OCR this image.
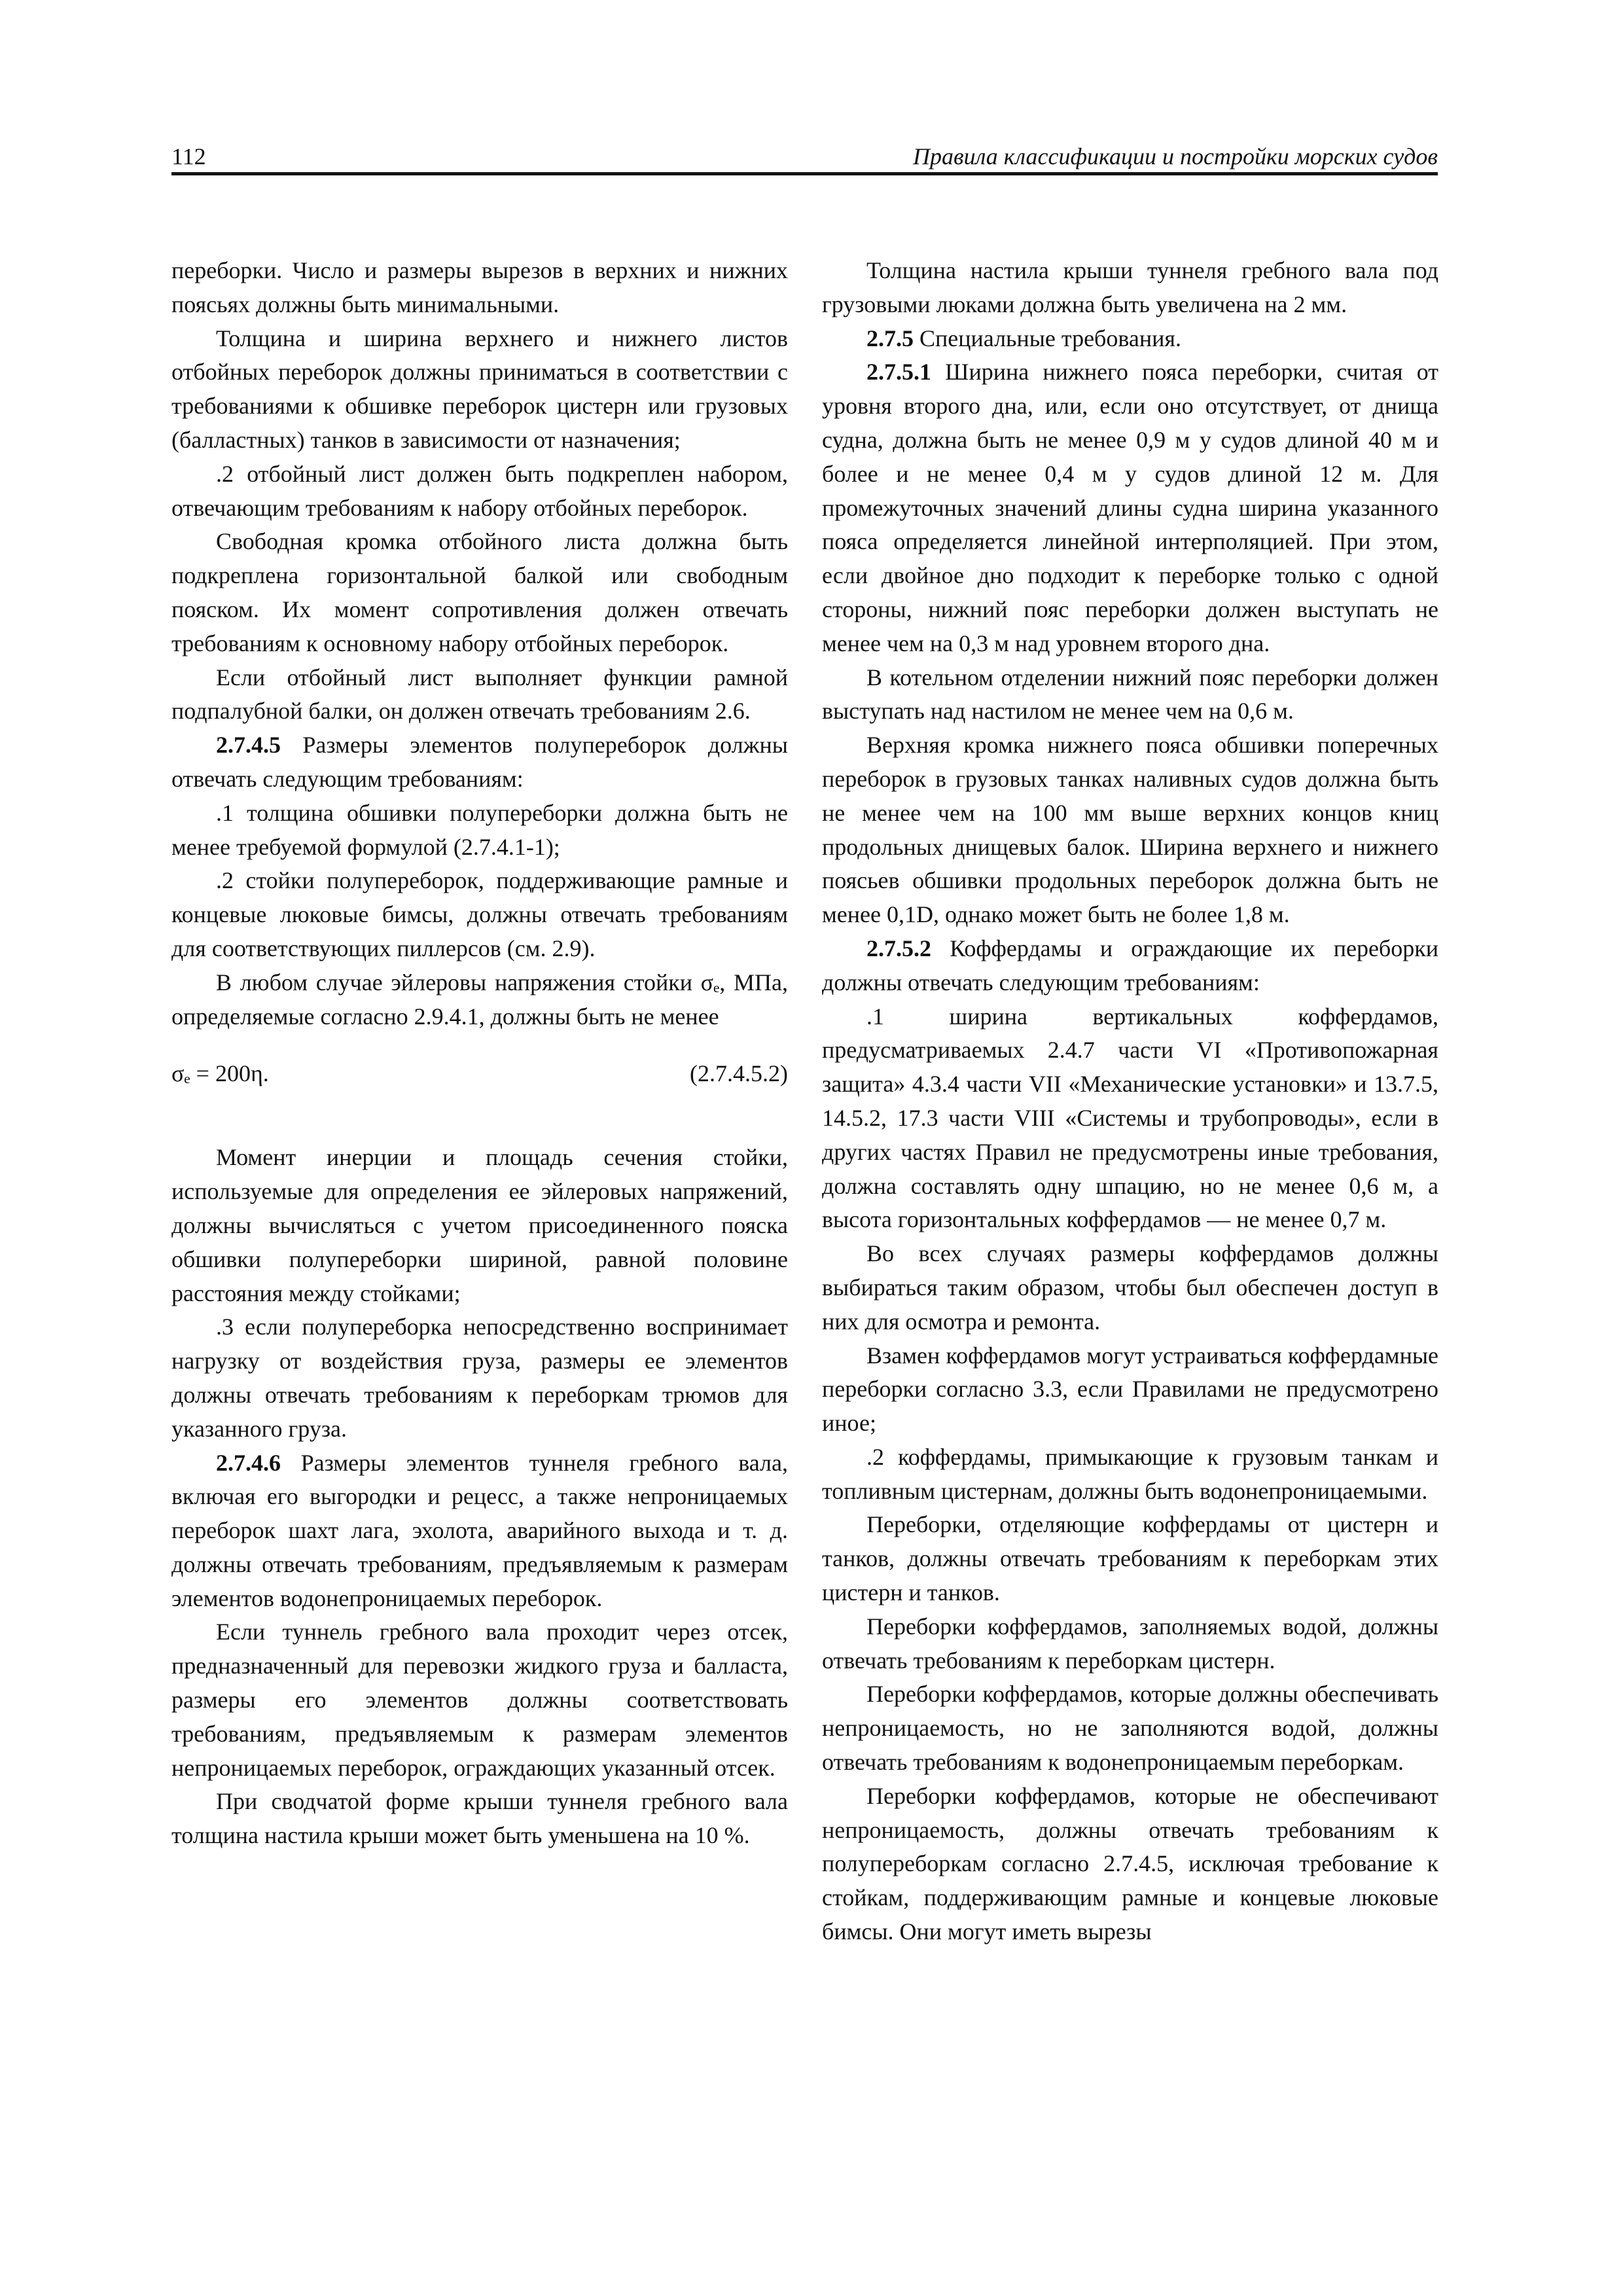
112	Правила классификации и постройки морских судов

переборки. Число и размеры вырезов в верхних и нижних поясьях должны быть минимальными.

Толщина и ширина верхнего и нижнего листов отбойных переборок должны приниматься в соответствии с требованиями к обшивке переборок цистерн или грузовых (балластных) танков в зависимости от назначения;

.2 отбойный лист должен быть подкреплен набором, отвечающим требованиям к набору отбойных переборок.

Свободная кромка отбойного листа должна быть подкреплена горизонтальной балкой или свободным пояском. Их момент сопротивления должен отвечать требованиям к основному набору отбойных переборок.

Если отбойный лист выполняет функции рамной подпалубной балки, он должен отвечать требованиям 2.6.

2.7.4.5 Размеры элементов полупереборок должны отвечать следующим требованиям:

.1 толщина обшивки полупереборки должна быть не менее требуемой формулой (2.7.4.1-1);

.2 стойки полупереборок, поддерживающие рамные и концевые люковые бимсы, должны отвечать требованиям для соответствующих пиллерсов (см. 2.9).

В любом случае эйлеровы напряжения стойки σₑ, МПа, определяемые согласно 2.9.4.1, должны быть не менее

σₑ = 200η.	(2.7.4.5.2)

Момент инерции и площадь сечения стойки, используемые для определения ее эйлеровых напряжений, должны вычисляться с учетом присоединенного пояска обшивки полупереборки шириной, равной половине расстояния между стойками;

.3 если полупереборка непосредственно воспринимает нагрузку от воздействия груза, размеры ее элементов должны отвечать требованиям к переборкам трюмов для указанного груза.

2.7.4.6 Размеры элементов туннеля гребного вала, включая его выгородки и рецесс, а также непроницаемых переборок шахт лага, эхолота, аварийного выхода и т. д. должны отвечать требованиям, предъявляемым к размерам элементов водонепроницаемых переборок.

Если туннель гребного вала проходит через отсек, предназначенный для перевозки жидкого груза и балласта, размеры его элементов должны соответствовать требованиям, предъявляемым к размерам элементов непроницаемых переборок, ограждающих указанный отсек.

При сводчатой форме крыши туннеля гребного вала толщина настила крыши может быть уменьшена на 10 %.

Толщина настила крыши туннеля гребного вала под грузовыми люками должна быть увеличена на 2 мм.

2.7.5 Специальные требования.

2.7.5.1 Ширина нижнего пояса переборки, считая от уровня второго дна, или, если оно отсутствует, от днища судна, должна быть не менее 0,9 м у судов длиной 40 м и более и не менее 0,4 м у судов длиной 12 м. Для промежуточных значений длины судна ширина указанного пояса определяется линейной интерполяцией. При этом, если двойное дно подходит к переборке только с одной стороны, нижний пояс переборки должен выступать не менее чем на 0,3 м над уровнем второго дна.

В котельном отделении нижний пояс переборки должен выступать над настилом не менее чем на 0,6 м.

Верхняя кромка нижнего пояса обшивки поперечных переборок в грузовых танках наливных судов должна быть не менее чем на 100 мм выше верхних концов книц продольных днищевых балок. Ширина верхнего и нижнего поясьев обшивки продольных переборок должна быть не менее 0,1D, однако может быть не более 1,8 м.

2.7.5.2 Коффердамы и ограждающие их переборки должны отвечать следующим требованиям:

.1 ширина вертикальных коффердамов, предусматриваемых 2.4.7 части VI «Противопожарная защита» 4.3.4 части VII «Механические установки» и 13.7.5, 14.5.2, 17.3 части VIII «Системы и трубопроводы», если в других частях Правил не предусмотрены иные требования, должна составлять одну шпацию, но не менее 0,6 м, а высота горизонтальных коффердамов — не менее 0,7 м.

Во всех случаях размеры коффердамов должны выбираться таким образом, чтобы был обеспечен доступ в них для осмотра и ремонта.

Взамен коффердамов могут устраиваться коффердамные переборки согласно 3.3, если Правилами не предусмотрено иное;

.2 коффердамы, примыкающие к грузовым танкам и топливным цистернам, должны быть водонепроницаемыми.

Переборки, отделяющие коффердамы от цистерн и танков, должны отвечать требованиям к переборкам этих цистерн и танков.

Переборки коффердамов, заполняемых водой, должны отвечать требованиям к переборкам цистерн.

Переборки коффердамов, которые должны обеспечивать непроницаемость, но не заполняются водой, должны отвечать требованиям к водонепроницаемым переборкам.

Переборки коффердамов, которые не обеспечивают непроницаемость, должны отвечать требованиям к полупереборкам согласно 2.7.4.5, исключая требование к стойкам, поддерживающим рамные и концевые люковые бимсы. Они могут иметь вырезы
